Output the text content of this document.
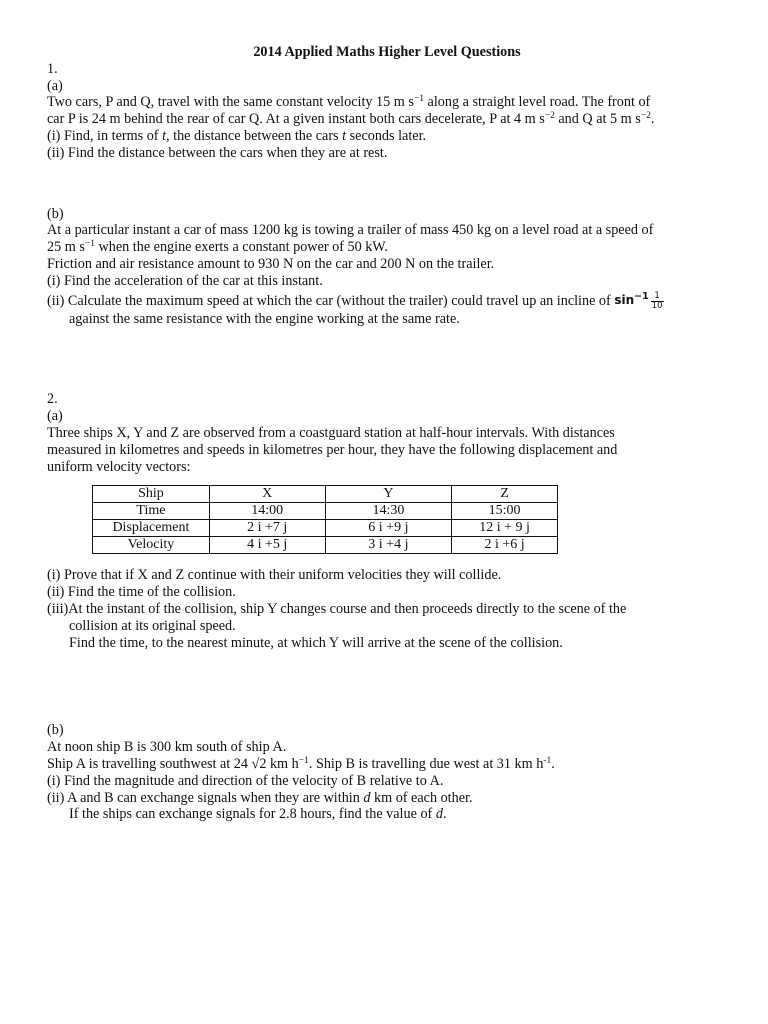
2014 Applied Maths Higher Level Questions

1.

(a)

Two cars, P and Q, travel with the same constant velocity 15 m $s^{-1}$ along a straight level road. The front of

car P is 24 m behind the rear of car Q. At a given instant both cars decelerate, P at 4 m $s^{-2}$ and Q at 5 m $s^{-2}$.

(i) Find, in terms of t, the distance between the cars t seconds later.

(ii) Find the distance between the cars when they are at rest.

(b)

At a particular instant a car of mass 1200 kg is towing a trailer of mass 450 kg on a level road at a speed of

25 m $s^{-1}$ when the engine exerts a constant power of 50 kW.

Friction and air resistance amount to 930 N on the car and 200 N on the trailer.

(i) Find the acceleration of the car at this instant.

(ii) Calculate the maximum speed at which the car (without the trailer) could travel up an incline of $\sin^{-1} \frac{1}{10}$

against the same resistance with the engine working at the same rate.

2.

(a)

Three ships X, Y and Z are observed from a coastguard station at half-hour intervals. With distances

measured in kilometres and speeds in kilometres per hour, they have the following displacement and

uniform velocity vectors:

Ship	X	Y	Z
Time	14:00	14:30	15:00
Displacement	2 i +7 j	6 i +9 j	12 i + 9 j
Velocity	4 i +5 j	3 i +4 j	2 i +6 j

(i) Prove that if X and Z continue with their uniform velocities they will collide.

(ii) Find the time of the collision.

(iii)At the instant of the collision, ship Y changes course and then proceeds directly to the scene of the

collision at its original speed.

Find the time, to the nearest minute, at which Y will arrive at the scene of the collision.

(b)

At noon ship B is 300 km south of ship A.

Ship A is travelling southwest at 24 √2 km $h^{-1}$. Ship B is travelling due west at 31 km $h^{-1}$.

(i) Find the magnitude and direction of the velocity of B relative to A.

(ii) A and B can exchange signals when they are within d km of each other.

If the ships can exchange signals for 2.8 hours, find the value of d.
